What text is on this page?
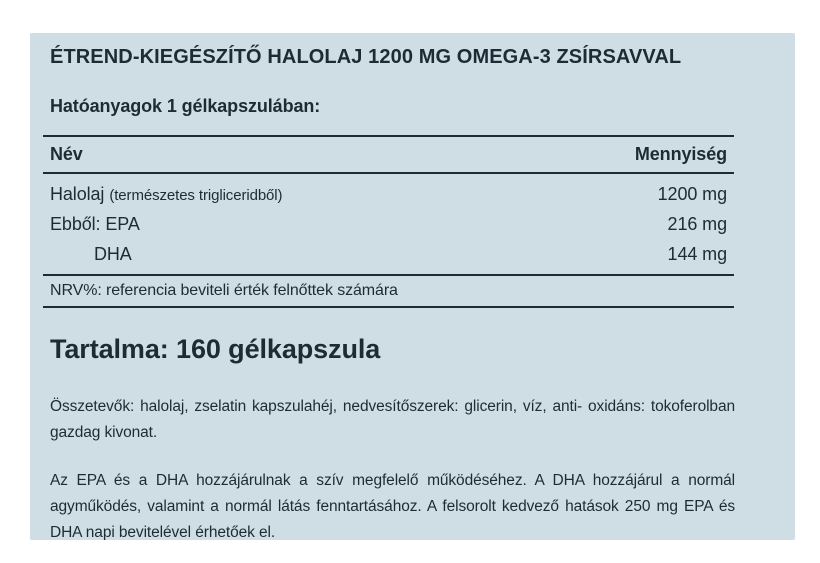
ÉTREND-KIEGÉSZÍTŐ HALOLAJ 1200 MG OMEGA-3 ZSÍRSAVVAL
Hatóanyagok 1 gélkapszulában:
Név	Mennyiség
Halolaj (természetes trigliceridből)	1200 mg
Ebből: EPA	216 mg
DHA	144 mg
NRV%: referencia beviteli érték felnőttek számára
Tartalma: 160 gélkapszula
Összetevők: halolaj, zselatin kapszulahéj, nedvesítőszerek: glicerin, víz, anti- oxidáns: tokoferolban gazdag kivonat.
Az EPA és a DHA hozzájárulnak a szív megfelelő működéséhez. A DHA hozzájárul a normál agyműködés, valamint a normál látás fenntartásához. A felsorolt kedvező hatások 250 mg EPA és DHA napi bevitelével érhetőek el.
